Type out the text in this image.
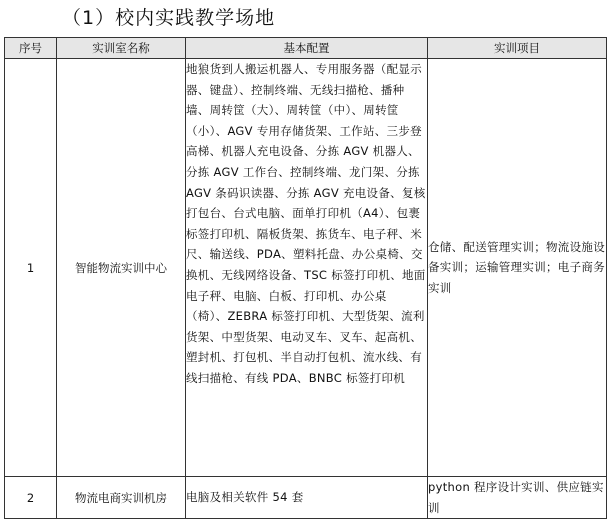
（1）校内实践教学场地
序号	实训室名称	基本配置	实训项目
1	智能物流实训中心	地狼货到人搬运机器人、专用服务器（配显示器、键盘）、控制终端、无线扫描枪、播种墙、周转筐（大）、周转筐（中）、周转筐（小）、AGV 专用存储货架、工作站、三步登高梯、机器人充电设备、分拣 AGV 机器人、分拣 AGV 工作台、控制终端、龙门架、分拣 AGV 条码识读器、分拣 AGV 充电设备、复核打包台、台式电脑、面单打印机（A4）、包裹标签打印机、隔板货架、拣货车、电子秤、米尺、输送线、PDA、塑料托盘、办公桌椅、交换机、无线网络设备、TSC 标签打印机、地面电子秤、电脑、白板、打印机、办公桌（椅）、ZEBRA 标签打印机、大型货架、流利货架、中型货架、电动叉车、叉车、起高机、塑封机、打包机、半自动打包机、流水线、有线扫描枪、有线 PDA、BNBC 标签打印机	仓储、配送管理实训；物流设施设备实训；运输管理实训；电子商务实训
2	物流电商实训机房	电脑及相关软件 54 套	python 程序设计实训、供应链实训
